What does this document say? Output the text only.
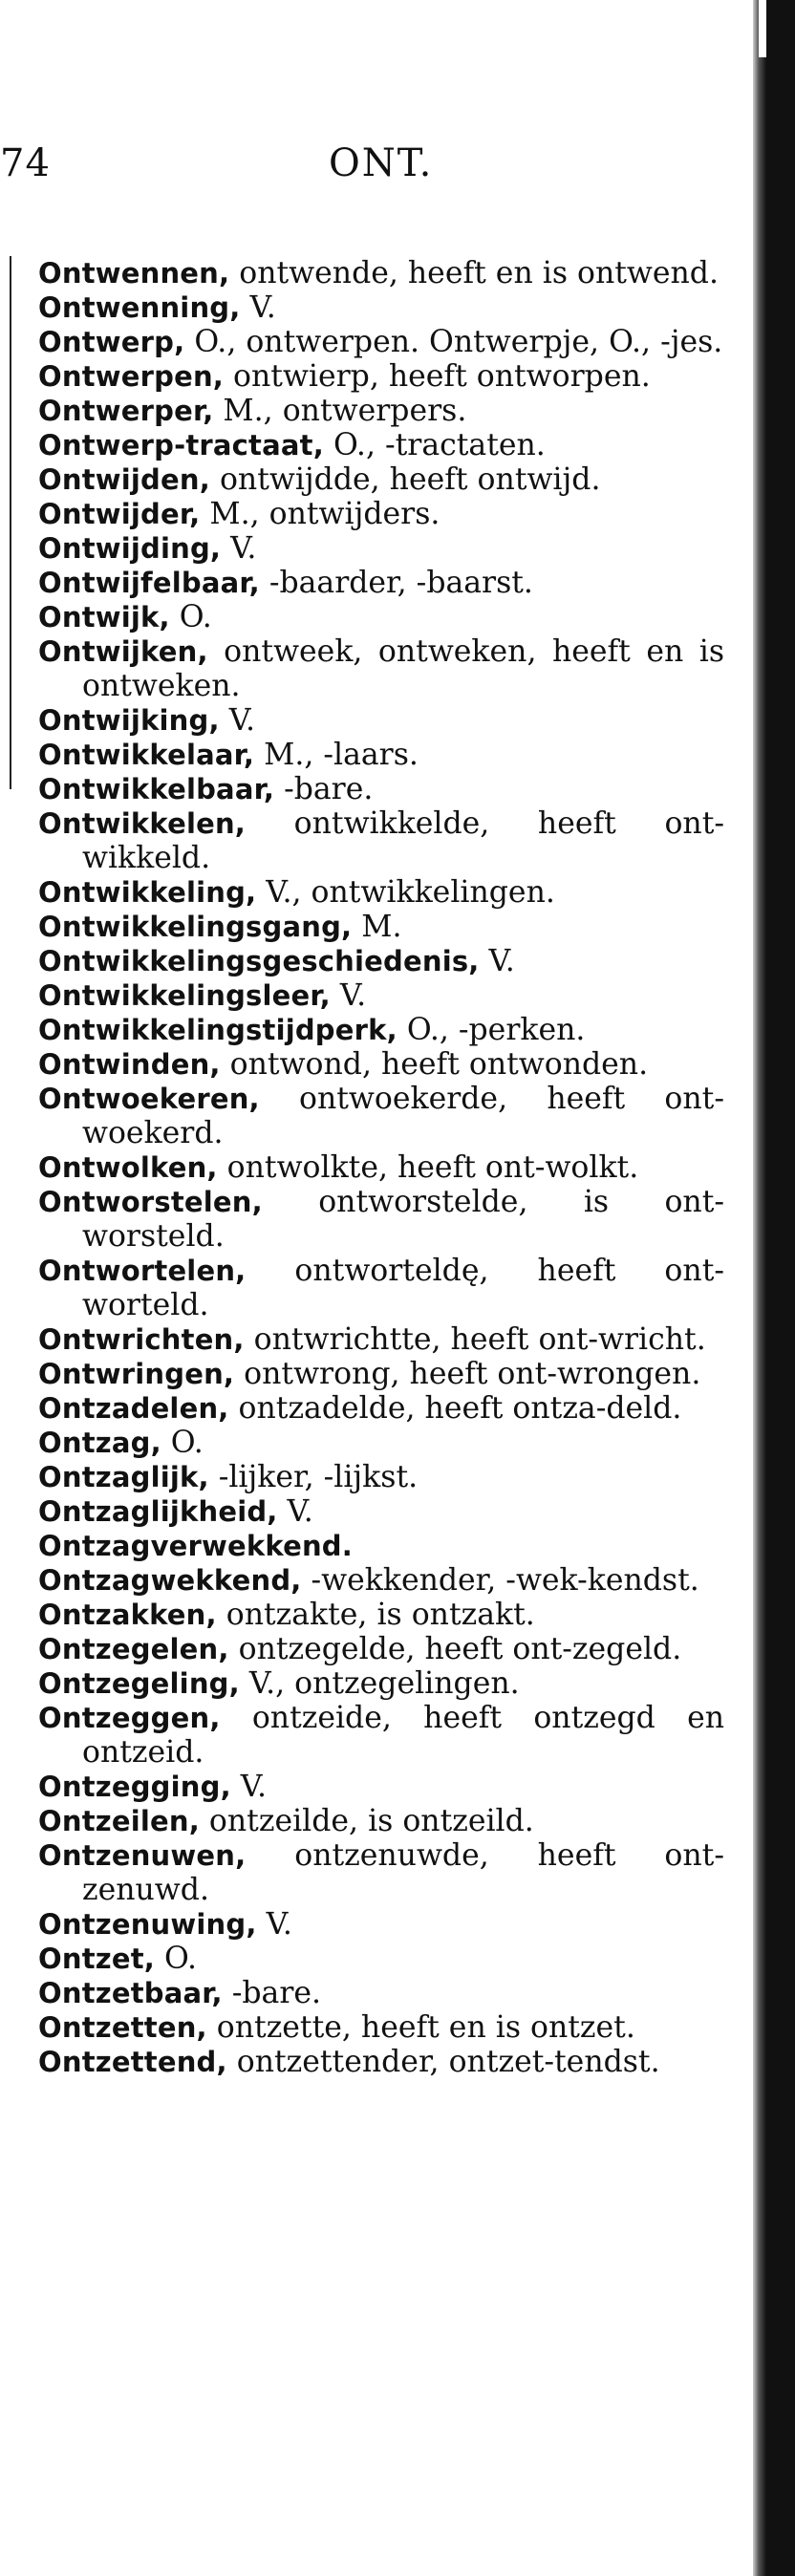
74	ONT.
Ontwennen, ontwende, heeft en is ontwend.
Ontwenning, V.
Ontwerp, O., ontwerpen. Ontwerpje, O., -jes.
Ontwerpen, ontwierp, heeft ontworpen.
Ontwerper, M., ontwerpers.
Ontwerp-tractaat, O., -tractaten.
Ontwijden, ontwijdde, heeft ontwijd.
Ontwijder, M., ontwijders.
Ontwijding, V.
Ontwijfelbaar, -baarder, -baarst.
Ontwijk, O.
Ontwijken, ontweek, ontweken, heeft en is ontweken.
Ontwijking, V.
Ontwikkelaar, M., -laars.
Ontwikkelbaar, -bare.
Ontwikkelen, ontwikkelde, heeft ont-wikkeld.
Ontwikkeling, V., ontwikkelingen.
Ontwikkelingsgang, M.
Ontwikkelingsgeschiedenis, V.
Ontwikkelingsleer, V.
Ontwikkelingstijdperk, O., -perken.
Ontwinden, ontwond, heeft ontwonden.
Ontwoekeren, ontwoekerde, heeft ont-woekerd.
Ontwolken, ontwolkte, heeft ont-wolkt.
Ontworstelen, ontworstelde, is ont-worsteld.
Ontwortelen, ontworteldę, heeft ont-worteld.
Ontwrichten, ontwrichtte, heeft ont-wricht.
Ontwringen, ontwrong, heeft ont-wrongen.
Ontzadelen, ontzadelde, heeft ontza-deld.
Ontzag, O.
Ontzaglijk, -lijker, -lijkst.
Ontzaglijkheid, V.
Ontzagverwekkend.
Ontzagwekkend, -wekkender, -wek-kendst.
Ontzakken, ontzakte, is ontzakt.
Ontzegelen, ontzegelde, heeft ont-zegeld.
Ontzegeling, V., ontzegelingen.
Ontzeggen, ontzeide, heeft ontzegd en ontzeid.
Ontzegging, V.
Ontzeilen, ontzeilde, is ontzeild.
Ontzenuwen, ontzenuwde, heeft ont-zenuwd.
Ontzenuwing, V.
Ontzet, O.
Ontzetbaar, -bare.
Ontzetten, ontzette, heeft en is ontzet.
Ontzettend, ontzettender, ontzet-tendst.
